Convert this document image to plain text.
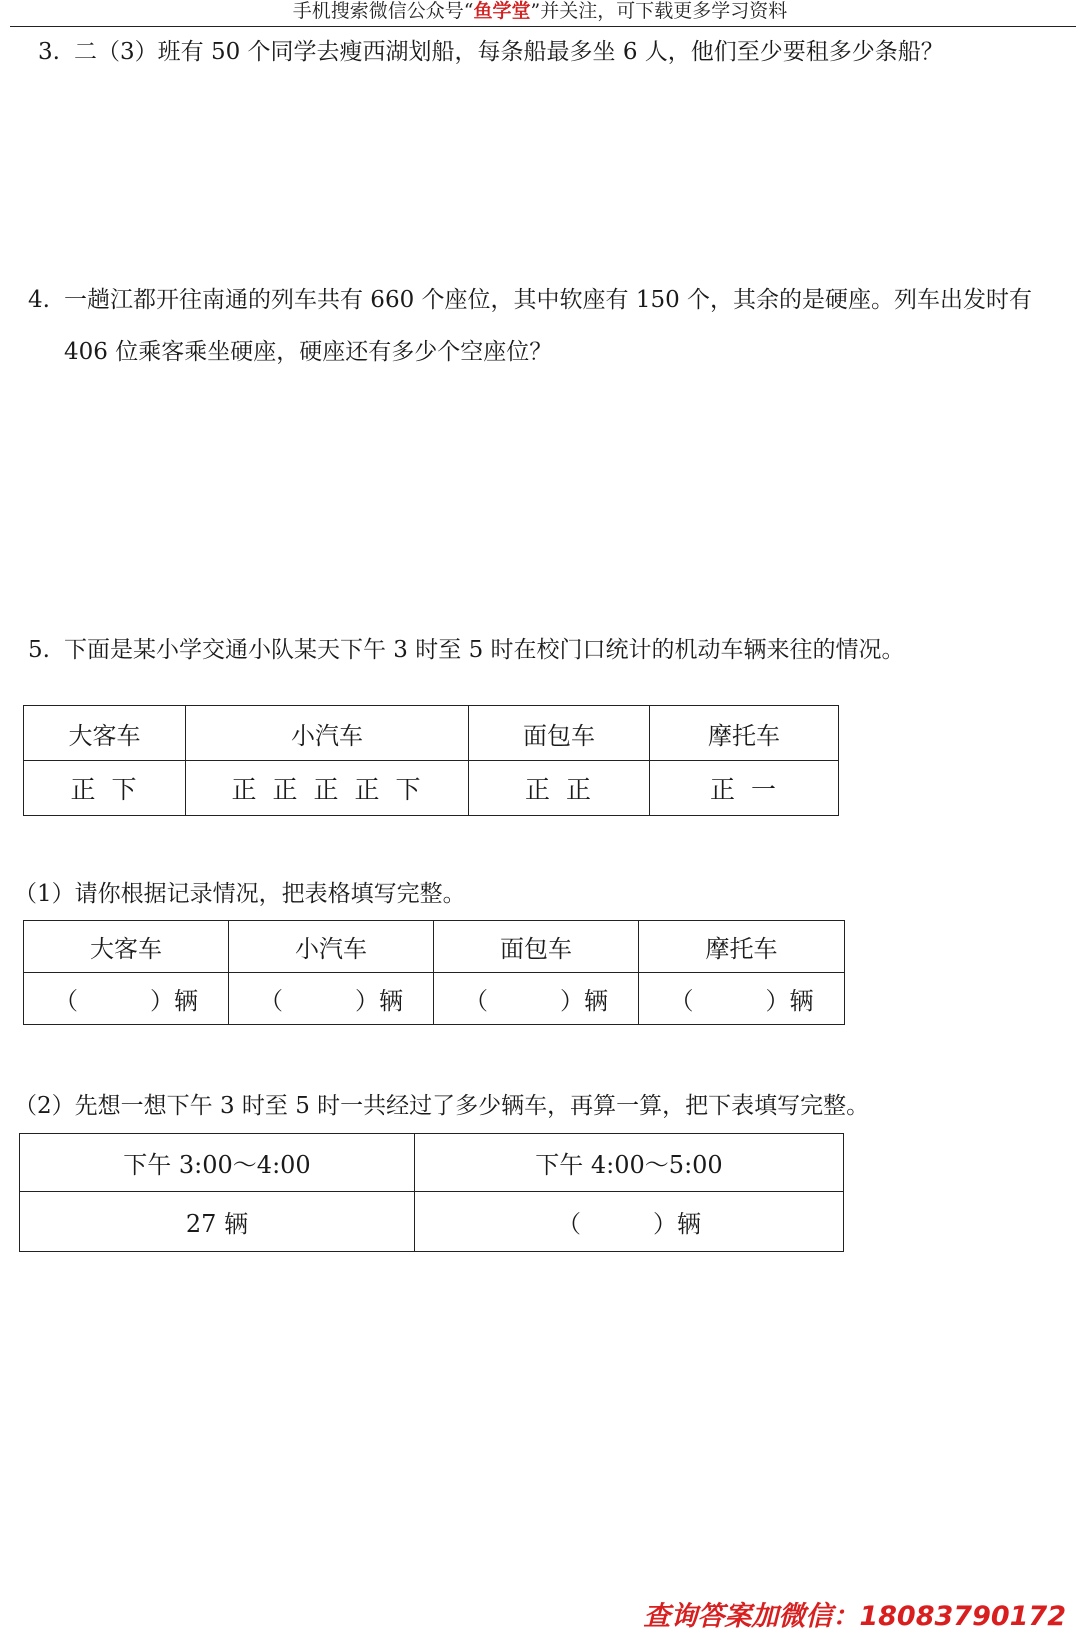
手机搜索微信公众号“鱼学堂”并关注，可下载更多学习资料
3. 二（3）班有 50 个同学去瘦西湖划船，每条船最多坐 6 人，他们至少要租多少条船？
4. 一趟江都开往南通的列车共有 660 个座位，其中软座有 150 个，其余的是硬座。列车出发时有
406 位乘客乘坐硬座，硬座还有多少个空座位？
5. 下面是某小学交通小队某天下午 3 时至 5 时在校门口统计的机动车辆来往的情况。
大客车	小汽车	面包车	摩托车
正 下	正 正 正 正 下	正 正	正 一
（1）请你根据记录情况，把表格填写完整。
大客车	小汽车	面包车	摩托车
（　　　）辆	（　　　）辆	（　　　）辆	（　　　）辆
（2）先想一想下午 3 时至 5 时一共经过了多少辆车，再算一算，把下表填写完整。
下午 3:00～4:00	下午 4:00～5:00
27 辆	（　　　）辆
查询答案加微信：18083790172
